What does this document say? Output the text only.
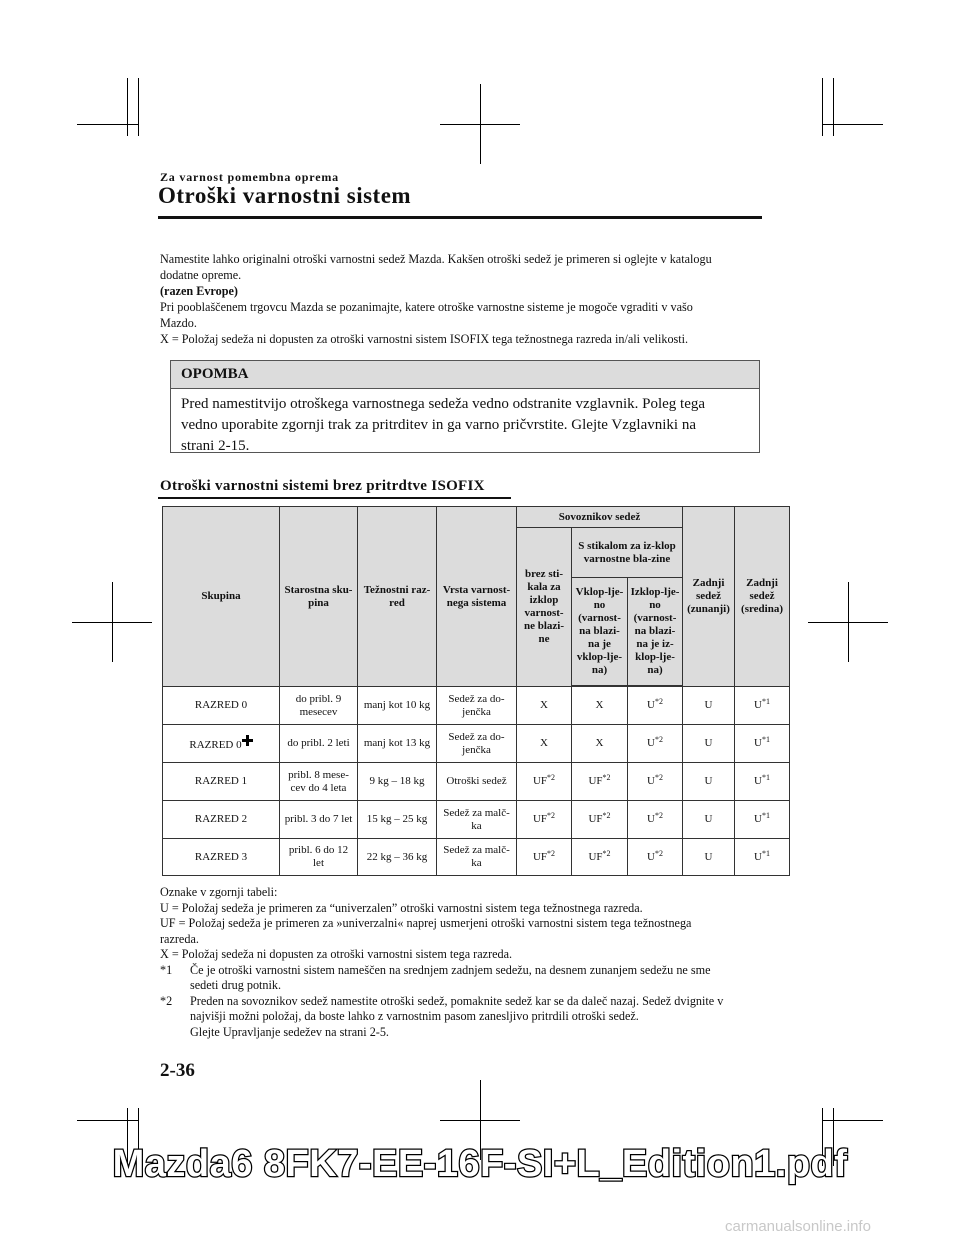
Za varnost pomembna oprema
Otroški varnostni sistem
Namestite lahko originalni otroški varnostni sedež Mazda. Kakšen otroški sedež je primeren si oglejte v katalogu
dodatne opreme.
(razen Evrope)
Pri pooblaščenem trgovcu Mazda se pozanimajte, katere otroške varnostne sisteme je mogoče vgraditi v vašo
Mazdo.
X = Položaj sedeža ni dopusten za otroški varnostni sistem ISOFIX tega težnostnega razreda in/ali velikosti.
OPOMBA
Pred namestitvijo otroškega varnostnega sedeža vedno odstranite vzglavnik. Poleg tega
vedno uporabite zgornji trak za pritrditev in ga varno pričvrstite. Glejte Vzglavniki na
strani 2-15.
Otroški varnostni sistemi brez pritrdtve ISOFIX
Skupina	Starostna sku-pina	Težnostni raz-red	Vrsta varnost-nega sistema	Sovoznikov sedež			Zadnji sedež (zunanji)	Zadnji sedež (sredina)
				brez sti-kala za izklop varnost-ne blazi-ne	S stikalom za iz-klop varnostne bla-zine			
					Vklop-lje-no (varnost-na blazi-na je vklop-lje-na)	Izklop-lje-no (varnost-na blazi-na je iz-klop-lje-na)		

RAZRED 0	do pribl. 9 mesecev	manj kot 10 kg	Sedež za do-jenčka	X	X	$U^{*2}$	U	$U^{*1}$
RAZRED 0	do pribl. 2 leti	manj kot 13 kg	Sedež za do-jenčka	X	X	$U^{*2}$	U	$U^{*1}$
RAZRED 1	pribl. 8 mese-cev do 4 leta	9 kg – 18 kg	Otroški sedež	UF$^{*2}$	UF$^{*2}$	$U^{*2}$	U	$U^{*1}$
RAZRED 2	pribl. 3 do 7 let	15 kg – 25 kg	Sedež za malč-ka	UF$^{*2}$	UF$^{*2}$	$U^{*2}$	U	$U^{*1}$
RAZRED 3	pribl. 6 do 12 let	22 kg – 36 kg	Sedež za malč-ka	UF$^{*2}$	UF$^{*2}$	$U^{*2}$	U	$U^{*1}$
Oznake v zgornji tabeli:
U = Položaj sedeža je primeren za “univerzalen” otroški varnostni sistem tega težnostnega razreda.
UF = Položaj sedeža je primeren za »univerzalni« naprej usmerjeni otroški varnostni sistem tega težnostnega
razreda.
X = Položaj sedeža ni dopusten za otroški varnostni sistem tega razreda.
*1	Če je otroški varnostni sistem nameščen na srednjem zadnjem sedežu, na desnem zunanjem sedežu ne sme
sedeti drug potnik.
*2	Preden na sovoznikov sedež namestite otroški sedež, pomaknite sedež kar se da daleč nazaj. Sedež dvignite v
najvišji možni položaj, da boste lahko z varnostnim pasom zanesljivo pritrdili otroški sedež.
Glejte Upravljanje sedežev na strani 2-5.
2-36
Mazda6 8FK7-EE-16F-SI+L_Edition1.pdf
carmanualsonline.info
